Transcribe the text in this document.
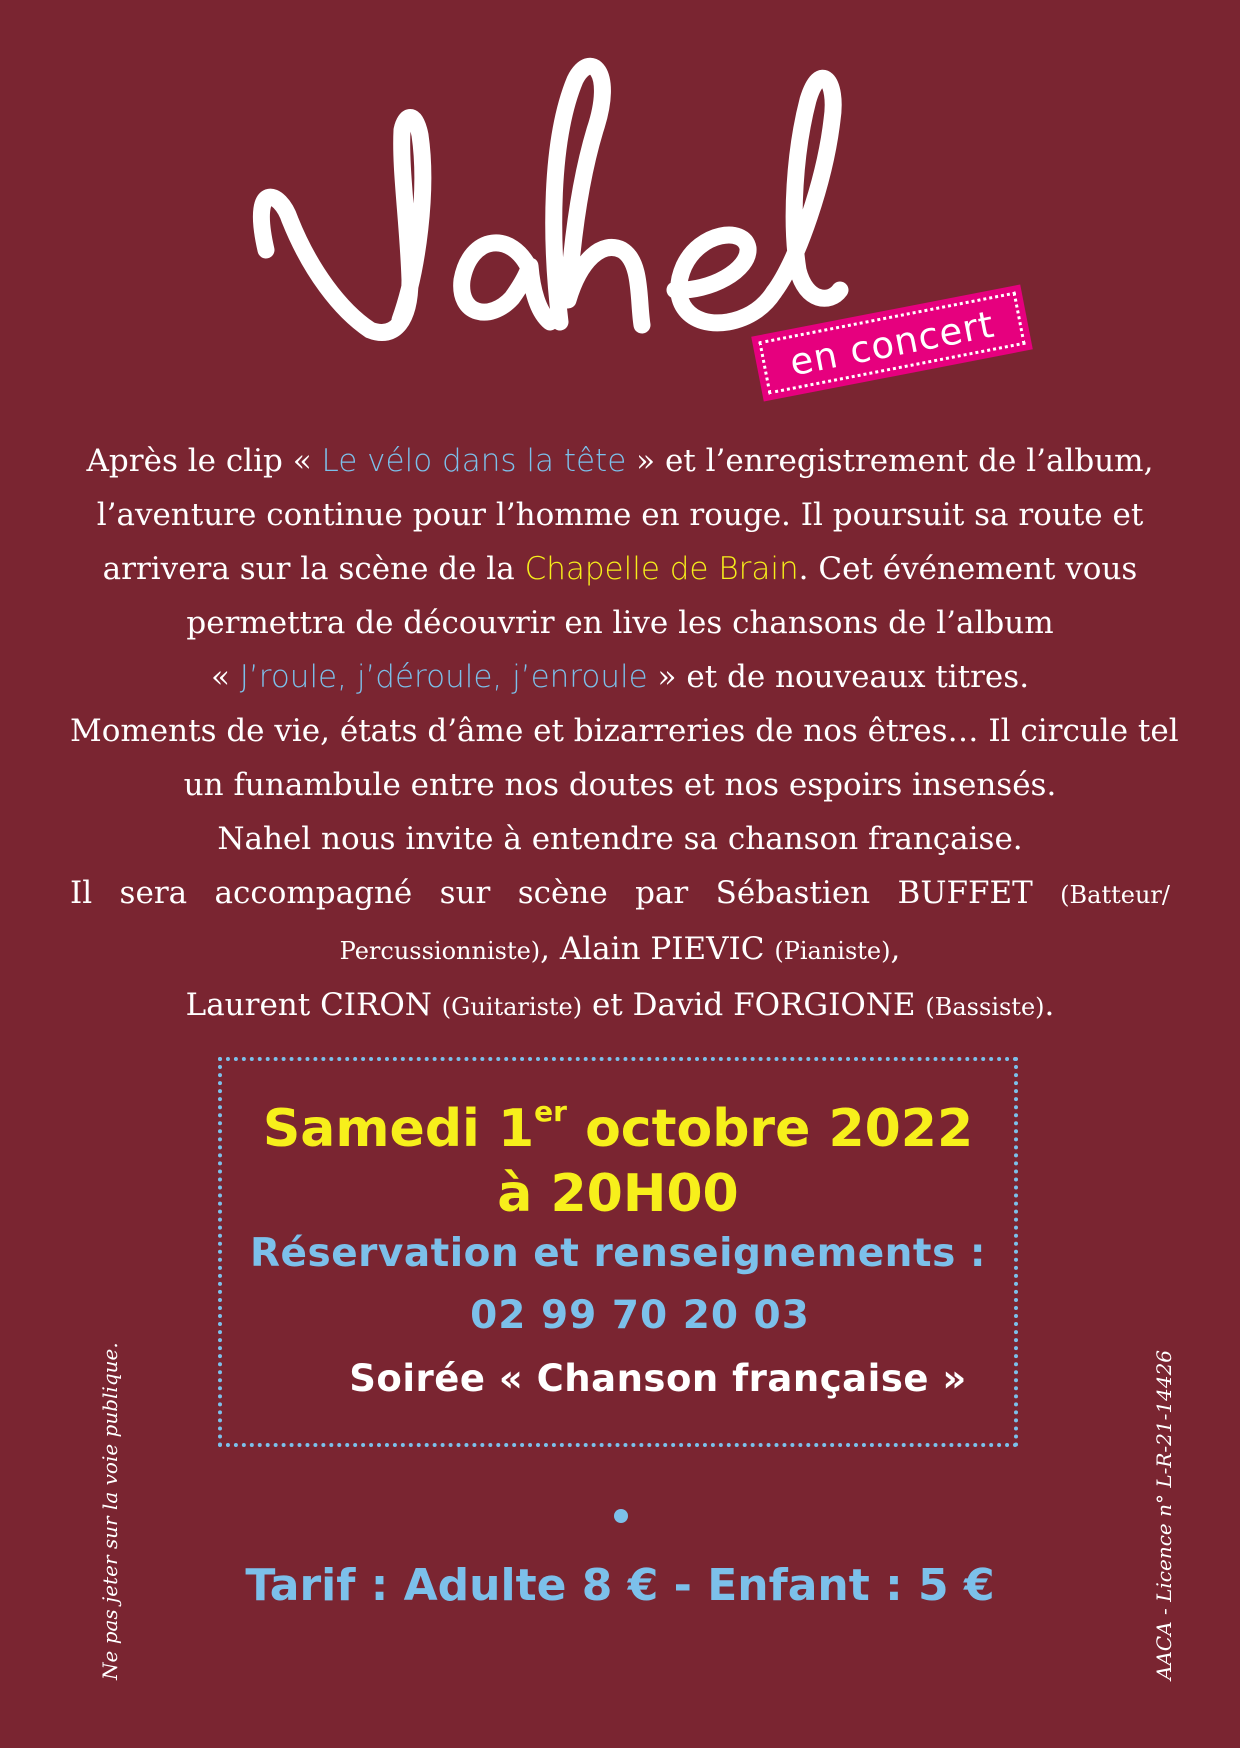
Nahel
en concert
Après le clip « Le vélo dans la tête » et l’enregistrement de l’album,
l’aventure continue pour l’homme en rouge. Il poursuit sa route et
arrivera sur la scène de la Chapelle de Brain. Cet événement vous
permettra de découvrir en live les chansons de l’album
« J’roule, j’déroule, j’enroule » et de nouveaux titres.
Moments de vie, états d’âme et bizarreries de nos êtres… Il circule tel
un funambule entre nos doutes et nos espoirs insensés.
Nahel nous invite à entendre sa chanson française.
Il sera accompagné sur scène par Sébastien BUFFET (Batteur/
Percussionniste), Alain PIEVIC (Pianiste),
Laurent CIRON (Guitariste) et David FORGIONE (Bassiste).
Samedi 1er octobre 2022
à 20H00
Réservation et renseignements :
02 99 70 20 03
Soirée « Chanson française »
Tarif : Adulte 8 € - Enfant : 5 €
Ne pas jeter sur la voie publique.	AACA - Licence n° L-R-21-14426
